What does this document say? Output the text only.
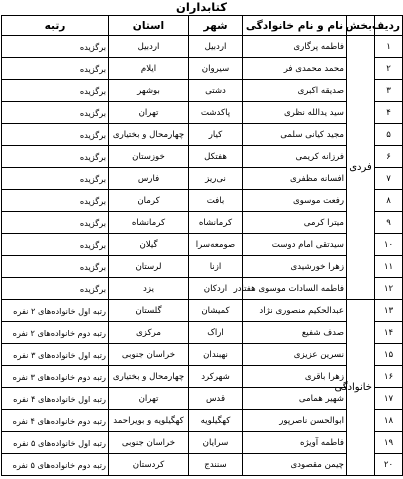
کتابداران
ردیف	بخش	نام و نام خانوادگی	شهر	استان	رتبه
۱	فردی	فاطمه پرگاری	اردبیل	اردبیل	برگزیده
۲		محمد محمدی فر	سیروان	ایلام	برگزیده
۳		صدیقه اکبری	دشتی	بوشهر	برگزیده
۴		سید یدالله نظری	پاکدشت	تهران	برگزیده
۵		مجید کیانی سلمی	کیار	چهارمحال و بختیاری	برگزیده
۶		فرزانه کریمی	هفتکل	خوزستان	برگزیده
۷		افسانه مظفری	نی‌ریز	فارس	برگزیده
۸		رفعت موسوی	بافت	کرمان	برگزیده
۹		میترا کرمی	کرمانشاه	کرمانشاه	برگزیده
۱۰		سیدتقی امام دوست	صومعه‌سرا	گیلان	برگزیده
۱۱		زهرا خورشیدی	ازنا	لرستان	برگزیده
۱۲		فاطمه السادات موسوی هفتادر	اردکان	یزد	برگزیده
۱۳	خانوادگی	عبدالحکیم منصوری نژاد	کمیشان	گلستان	رتبه اول خانواده‌های ۲ نفره
۱۴		صدف شفیع	اراک	مرکزی	رتبه دوم خانواده‌های ۲ نفره
۱۵		نسرین عزیزی	نهبندان	خراسان جنوبی	رتبه اول خانواده‌های ۳ نفره
۱۶		زهرا باقری	شهرکرد	چهارمحال و بختیاری	رتبه دوم خانواده‌های ۳ نفره
۱۷		شهیر همامی	قدس	تهران	رتبه اول خانواده‌های ۴ نفره
۱۸		ابوالحسن ناصرپور	کهگیلویه	کهگیلویه و بویراحمد	رتبه دوم خانواده‌های ۴ نفره
۱۹		فاطمه آویژه	سرایان	خراسان جنوبی	رتبه اول خانواده‌های ۵ نفره
۲۰		چیمن مقصودی	سنندج	کردستان	رتبه دوم خانواده‌های ۵ نفره
